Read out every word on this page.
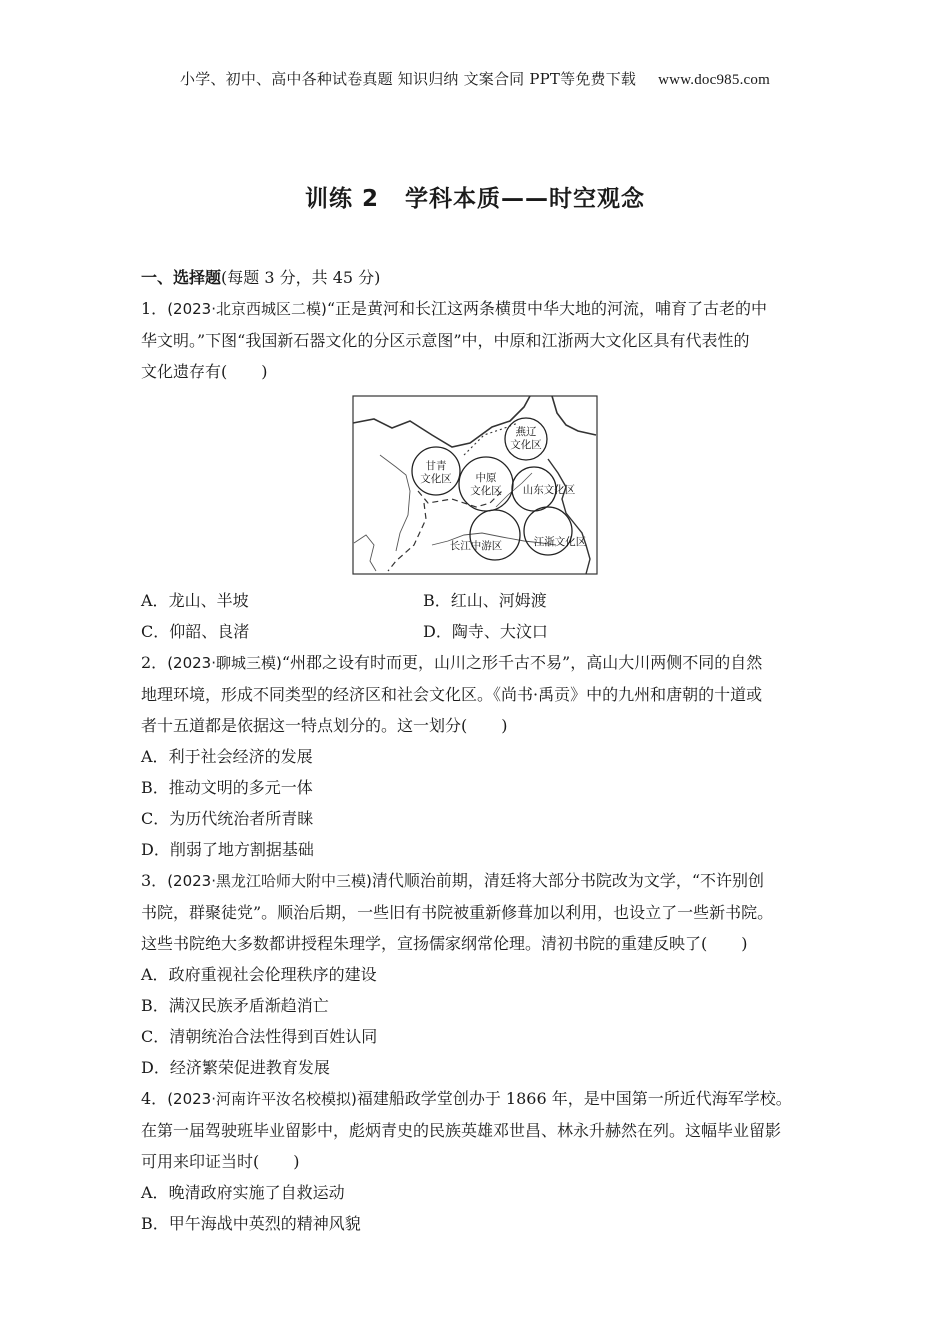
小学、初中、高中各种试卷真题 知识归纳 文案合同 PPT等免费下载 www.doc985.com
训练 2 学科本质——时空观念
一、选择题(每题 3 分，共 45 分)
1．(2023·北京西城区二模)“正是黄河和长江这两条横贯中华大地的河流，哺育了古老的中
华文明。”下图“我国新石器文化的分区示意图”中，中原和江浙两大文化区具有代表性的
文化遗存有( )
燕辽
文化区
甘青
文化区 中原
文化区 山东文化区
长江中游区	江浙文化区
A．龙山、半坡	B．红山、河姆渡
C．仰韶、良渚	D．陶寺、大汶口
2．(2023·聊城三模)“州郡之设有时而更，山川之形千古不易”，高山大川两侧不同的自然
地理环境，形成不同类型的经济区和社会文化区。《尚书·禹贡》中的九州和唐朝的十道或
者十五道都是依据这一特点划分的。这一划分( )
A．利于社会经济的发展
B．推动文明的多元一体
C．为历代统治者所青睐
D．削弱了地方割据基础
3．(2023·黑龙江哈师大附中三模)清代顺治前期，清廷将大部分书院改为文学，“不许别创
书院，群聚徒党”。顺治后期，一些旧有书院被重新修葺加以利用，也设立了一些新书院。
这些书院绝大多数都讲授程朱理学，宣扬儒家纲常伦理。清初书院的重建反映了( )
A．政府重视社会伦理秩序的建设
B．满汉民族矛盾渐趋消亡
C．清朝统治合法性得到百姓认同
D．经济繁荣促进教育发展
4．(2023·河南许平汝名校模拟)福建船政学堂创办于 1866 年，是中国第一所近代海军学校。
在第一届驾驶班毕业留影中，彪炳青史的民族英雄邓世昌、林永升赫然在列。这幅毕业留影
可用来印证当时( )
A．晚清政府实施了自救运动
B．甲午海战中英烈的精神风貌
